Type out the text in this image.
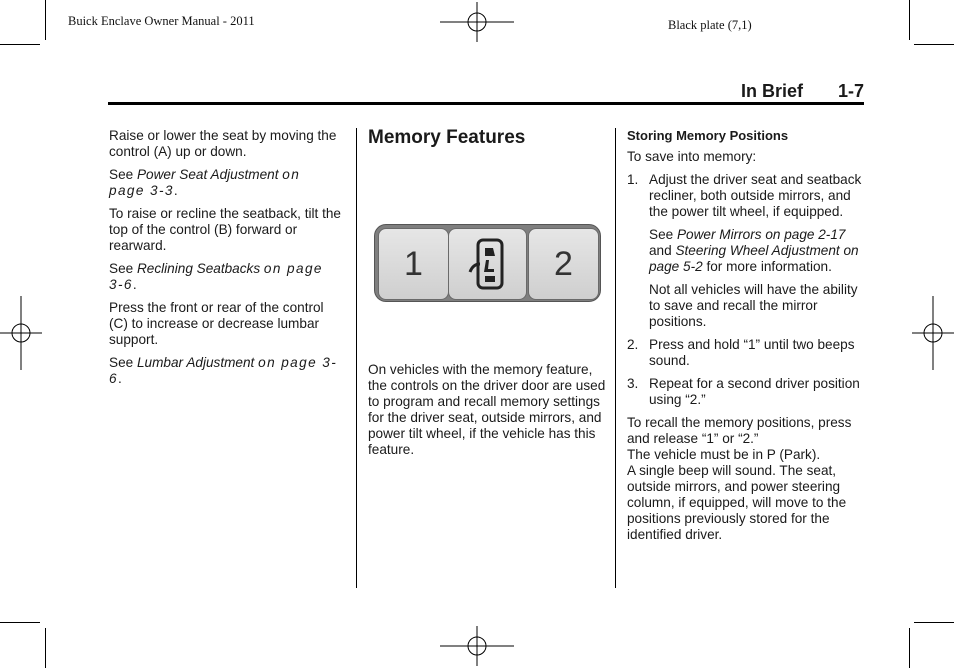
Buick Enclave Owner Manual - 2011	Black plate (7,1)
In Brief 1-7

Raise or lower the seat by moving the control (A) up or down.

See Power Seat Adjustment on page 3-3.

To raise or recline the seatback, tilt the top of the control (B) forward or rearward.

See Reclining Seatbacks on page 3-6.

Press the front or rear of the control (C) to increase or decrease lumbar support.

See Lumbar Adjustment on page 3-6.

Memory Features
1	2

On vehicles with the memory feature, the controls on the driver door are used to program and recall memory settings for the driver seat, outside mirrors, and power tilt wheel, if the vehicle has this feature.

Storing Memory Positions

To save into memory:

1. Adjust the driver seat and seatback recliner, both outside mirrors, and the power tilt wheel, if equipped.

See Power Mirrors on page 2-17 and Steering Wheel Adjustment on page 5-2 for more information.

Not all vehicles will have the ability to save and recall the mirror positions.

2. Press and hold “1” until two beeps sound.
3. Repeat for a second driver position using “2.”

To recall the memory positions, press and release “1” or “2.”

The vehicle must be in P (Park).

A single beep will sound. The seat, outside mirrors, and power steering column, if equipped, will move to the positions previously stored for the identified driver.
